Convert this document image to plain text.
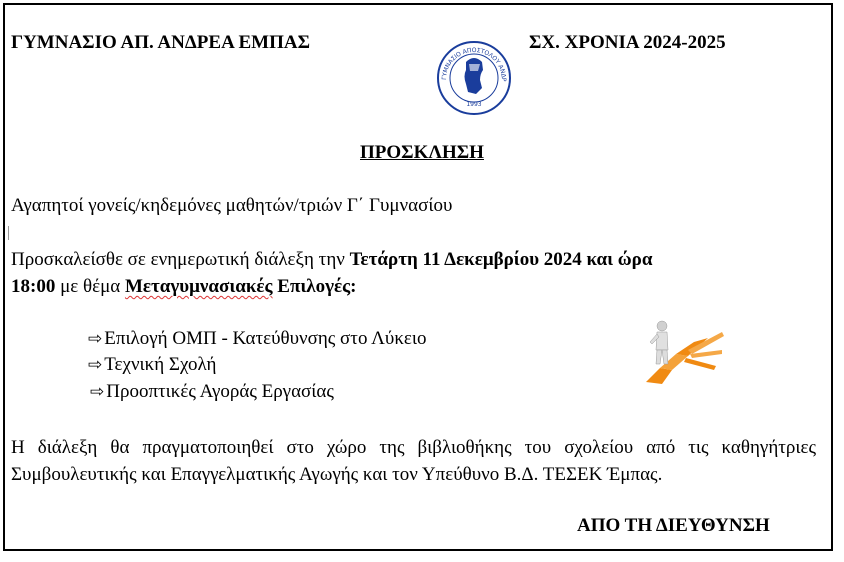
ΓΥΜΝΑΣΙΟ ΑΠ. ΑΝΔΡΕΑ ΕΜΠΑΣ	ΣΧ. ΧΡΟΝΙΑ 2024-2025
ΓΥΜΝΑΣΙΟ ΑΠΟΣΤΟΛΟΥ ΑΝΔΡ
1993
ΠΡΟΣΚΛΗΣΗ
Αγαπητοί γονείς/κηδεμόνες μαθητών/τριών Γ΄ Γυμνασίου
Προσκαλείσθε σε ενημερωτική διάλεξη την Τετάρτη 11 Δεκεμβρίου 2024 και ώρα
18:00 με θέμα Μεταγυμνασιακές Επιλογές:
⇨ Επιλογή ΟΜΠ - Κατεύθυνσης στο Λύκειο
⇨ Τεχνική Σχολή
⇨ Προοπτικές Αγοράς Εργασίας
Η διάλεξη θα πραγματοποιηθεί στο χώρο της βιβλιοθήκης του σχολείου από τις καθηγήτριες Συμβουλευτικής και Επαγγελματικής Αγωγής και τον Υπεύθυνο Β.Δ. ΤΕΣΕΚ Έμπας.
ΑΠΟ ΤΗ ΔΙΕΥΘΥΝΣΗ
